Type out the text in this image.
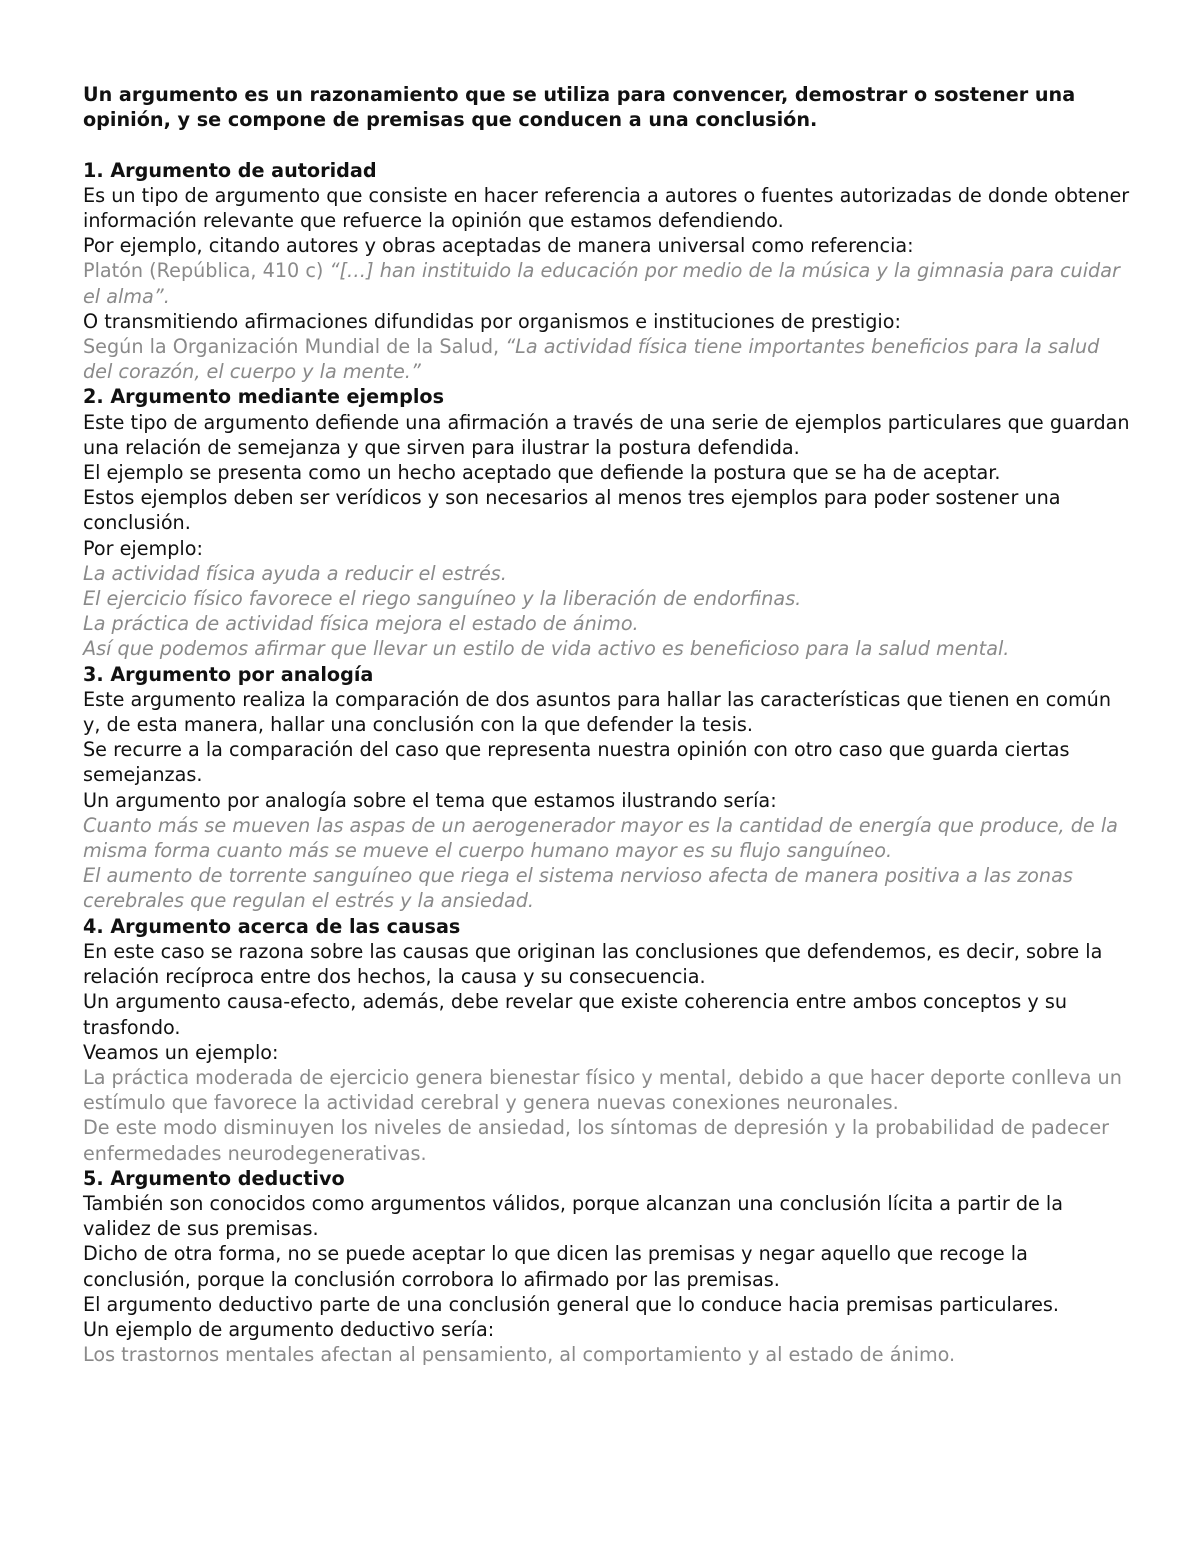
Un argumento es un razonamiento que se utiliza para convencer, demostrar o sostener una opinión, y se compone de premisas que conducen a una conclusión.

1. Argumento de autoridad

Es un tipo de argumento que consiste en hacer referencia a autores o fuentes autorizadas de donde obtener información relevante que refuerce la opinión que estamos defendiendo.

Por ejemplo, citando autores y obras aceptadas de manera universal como referencia:

Platón (República, 410 c) “[…] han instituido la educación por medio de la música y la gimnasia para cuidar el alma”.

O transmitiendo afirmaciones difundidas por organismos e instituciones de prestigio:

Según la Organización Mundial de la Salud, “La actividad física tiene importantes beneficios para la salud del corazón, el cuerpo y la mente.”

2. Argumento mediante ejemplos

Este tipo de argumento defiende una afirmación a través de una serie de ejemplos particulares que guardan una relación de semejanza y que sirven para ilustrar la postura defendida.

El ejemplo se presenta como un hecho aceptado que defiende la postura que se ha de aceptar.

Estos ejemplos deben ser verídicos y son necesarios al menos tres ejemplos para poder sostener una conclusión.

Por ejemplo:

La actividad física ayuda a reducir el estrés.

El ejercicio físico favorece el riego sanguíneo y la liberación de endorfinas.

La práctica de actividad física mejora el estado de ánimo.

Así que podemos afirmar que llevar un estilo de vida activo es beneficioso para la salud mental.

3. Argumento por analogía

Este argumento realiza la comparación de dos asuntos para hallar las características que tienen en común y, de esta manera, hallar una conclusión con la que defender la tesis.

Se recurre a la comparación del caso que representa nuestra opinión con otro caso que guarda ciertas semejanzas.

Un argumento por analogía sobre el tema que estamos ilustrando sería:

Cuanto más se mueven las aspas de un aerogenerador mayor es la cantidad de energía que produce, de la misma forma cuanto más se mueve el cuerpo humano mayor es su flujo sanguíneo.

El aumento de torrente sanguíneo que riega el sistema nervioso afecta de manera positiva a las zonas cerebrales que regulan el estrés y la ansiedad.

4. Argumento acerca de las causas

En este caso se razona sobre las causas que originan las conclusiones que defendemos, es decir, sobre la relación recíproca entre dos hechos, la causa y su consecuencia.

Un argumento causa-efecto, además, debe revelar que existe coherencia entre ambos conceptos y su trasfondo.

Veamos un ejemplo:

La práctica moderada de ejercicio genera bienestar físico y mental, debido a que hacer deporte conlleva un estímulo que favorece la actividad cerebral y genera nuevas conexiones neuronales.

De este modo disminuyen los niveles de ansiedad, los síntomas de depresión y la probabilidad de padecer enfermedades neurodegenerativas.

5. Argumento deductivo

También son conocidos como argumentos válidos, porque alcanzan una conclusión lícita a partir de la validez de sus premisas.

Dicho de otra forma, no se puede aceptar lo que dicen las premisas y negar aquello que recoge la conclusión, porque la conclusión corrobora lo afirmado por las premisas.

El argumento deductivo parte de una conclusión general que lo conduce hacia premisas particulares.

Un ejemplo de argumento deductivo sería:

Los trastornos mentales afectan al pensamiento, al comportamiento y al estado de ánimo.
